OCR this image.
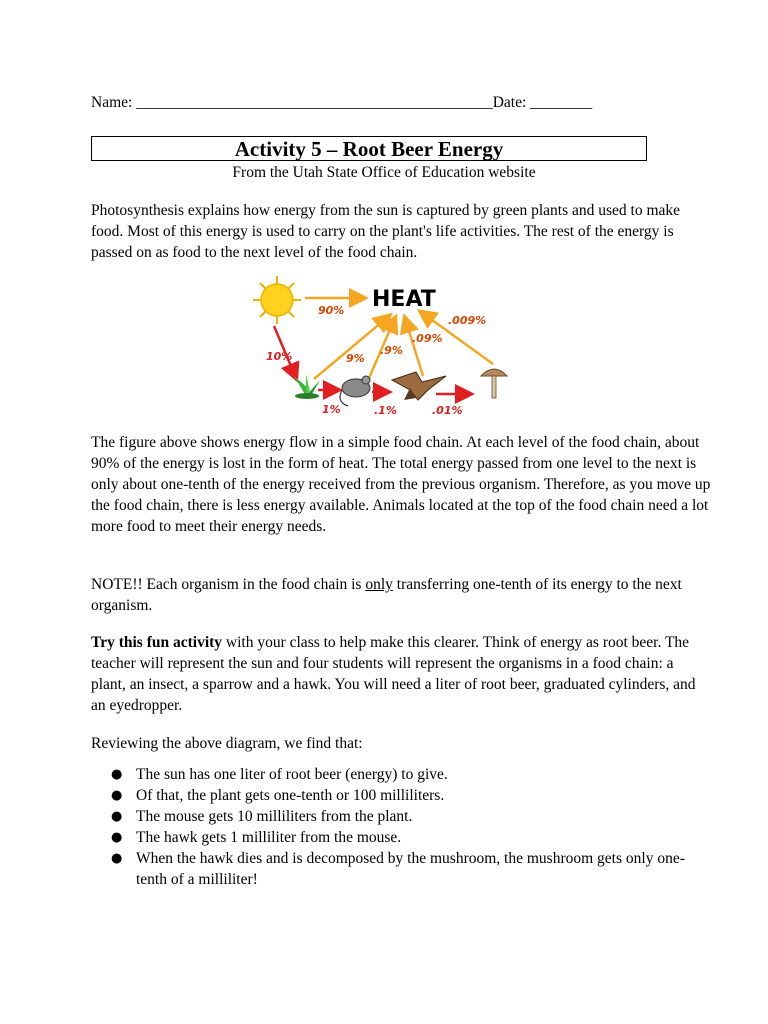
Name: ______________________________________________Date: ________
Activity 5 – Root Beer Energy
From the Utah State Office of Education website

Photosynthesis explains how energy from the sun is captured by green plants and used to make food. Most of this energy is used to carry on the plant's life activities. The rest of the energy is passed on as food to the next level of the food chain.

HEAT
90%
10%	9%
.9%
.09%
.009%
1%	.1%	.01%

The figure above shows energy flow in a simple food chain. At each level of the food chain, about 90% of the energy is lost in the form of heat. The total energy passed from one level to the next is only about one-tenth of the energy received from the previous organism. Therefore, as you move up the food chain, there is less energy available. Animals located at the top of the food chain need a lot more food to meet their energy needs.

NOTE!! Each organism in the food chain is only transferring one-tenth of its energy to the next organism.

Try this fun activity with your class to help make this clearer. Think of energy as root beer. The teacher will represent the sun and four students will represent the organisms in a food chain: a plant, an insect, a sparrow and a hawk. You will need a liter of root beer, graduated cylinders, and an eyedropper.

Reviewing the above diagram, we find that:

● The sun has one liter of root beer (energy) to give.
● Of that, the plant gets one-tenth or 100 milliliters.
● The mouse gets 10 milliliters from the plant.
● The hawk gets 1 milliliter from the mouse.
● When the hawk dies and is decomposed by the mushroom, the mushroom gets only one-tenth of a milliliter!
